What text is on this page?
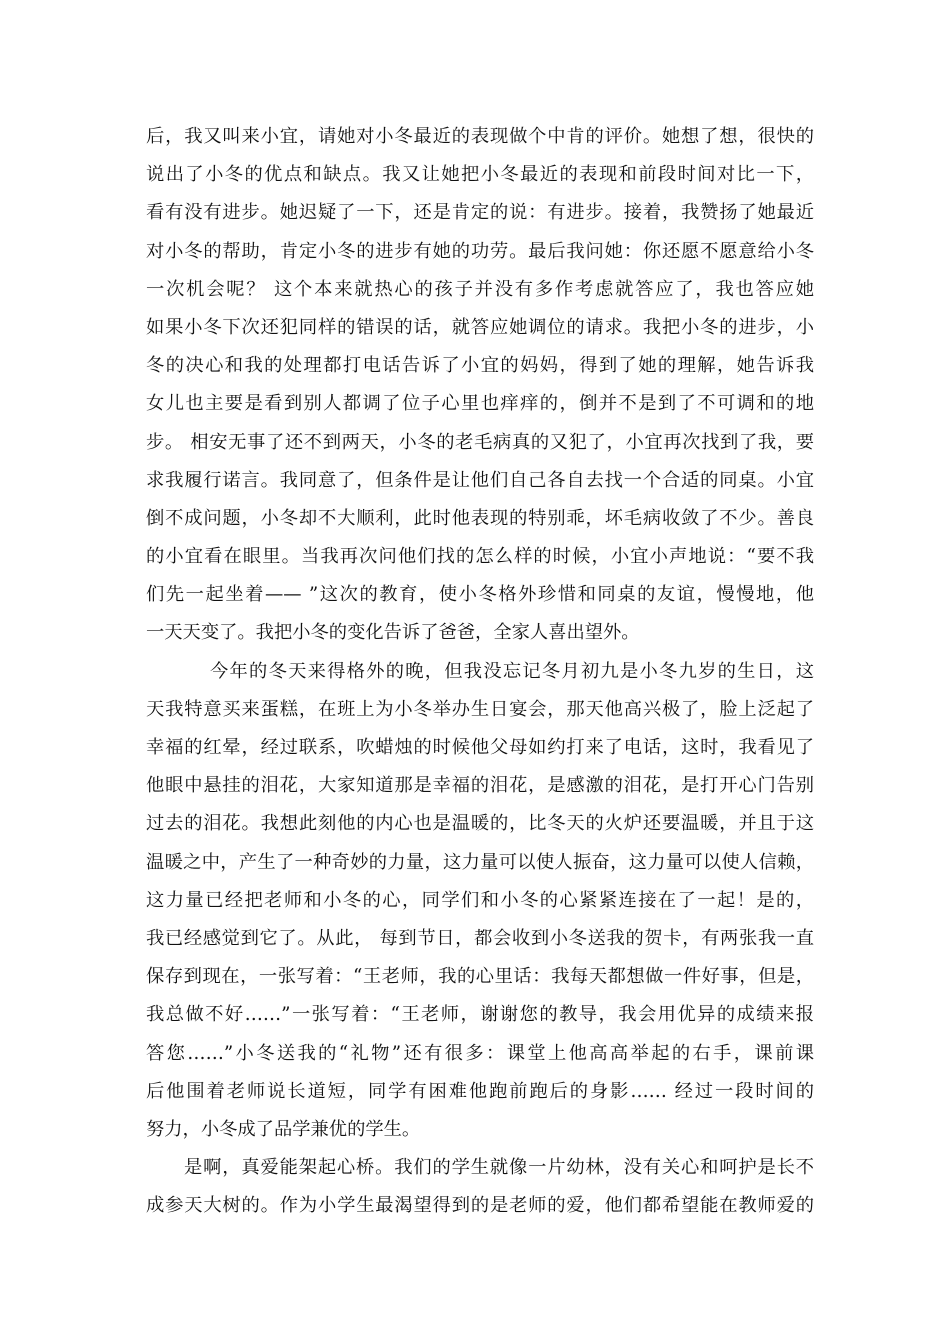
后，我又叫来小宜，请她对小冬最近的表现做个中肯的评价。她想了想，很快的
说出了小冬的优点和缺点。我又让她把小冬最近的表现和前段时间对比一下，
看有没有进步。她迟疑了一下，还是肯定的说：有进步。接着，我赞扬了她最近
对小冬的帮助，肯定小冬的进步有她的功劳。最后我问她：你还愿不愿意给小冬
一次机会呢？ 这个本来就热心的孩子并没有多作考虑就答应了，我也答应她
如果小冬下次还犯同样的错误的话，就答应她调位的请求。我把小冬的进步，小
冬的决心和我的处理都打电话告诉了小宜的妈妈，得到了她的理解，她告诉我
女儿也主要是看到别人都调了位子心里也痒痒的，倒并不是到了不可调和的地
步。 相安无事了还不到两天，小冬的老毛病真的又犯了，小宜再次找到了我，要
求我履行诺言。我同意了，但条件是让他们自己各自去找一个合适的同桌。小宜
倒不成问题，小冬却不大顺利，此时他表现的特别乖，坏毛病收敛了不少。善良
的小宜看在眼里。当我再次问他们找的怎么样的时候，小宜小声地说：“要不我
们先一起坐着—— ”这次的教育，使小冬格外珍惜和同桌的友谊，慢慢地，他
一天天变了。我把小冬的变化告诉了爸爸，全家人喜出望外。
今年的冬天来得格外的晚，但我没忘记冬月初九是小冬九岁的生日，这
天我特意买来蛋糕，在班上为小冬举办生日宴会，那天他高兴极了，脸上泛起了
幸福的红晕，经过联系，吹蜡烛的时候他父母如约打来了电话，这时，我看见了
他眼中悬挂的泪花，大家知道那是幸福的泪花，是感激的泪花，是打开心门告别
过去的泪花。我想此刻他的内心也是温暖的，比冬天的火炉还要温暖，并且于这
温暖之中，产生了一种奇妙的力量，这力量可以使人振奋，这力量可以使人信赖，
这力量已经把老师和小冬的心，同学们和小冬的心紧紧连接在了一起！是的，
我已经感觉到它了。从此， 每到节日，都会收到小冬送我的贺卡，有两张我一直
保存到现在，一张写着：“王老师，我的心里话：我每天都想做一件好事，但是，
我总做不好……”一张写着：“王老师，谢谢您的教导，我会用优异的成绩来报
答您……”小冬送我的“礼物”还有很多：课堂上他高高举起的右手，课前课
后他围着老师说长道短，同学有困难他跑前跑后的身影…… 经过一段时间的
努力，小冬成了品学兼优的学生。
是啊，真爱能架起心桥。我们的学生就像一片幼林，没有关心和呵护是长不
成参天大树的。作为小学生最渴望得到的是老师的爱，他们都希望能在教师爱的
